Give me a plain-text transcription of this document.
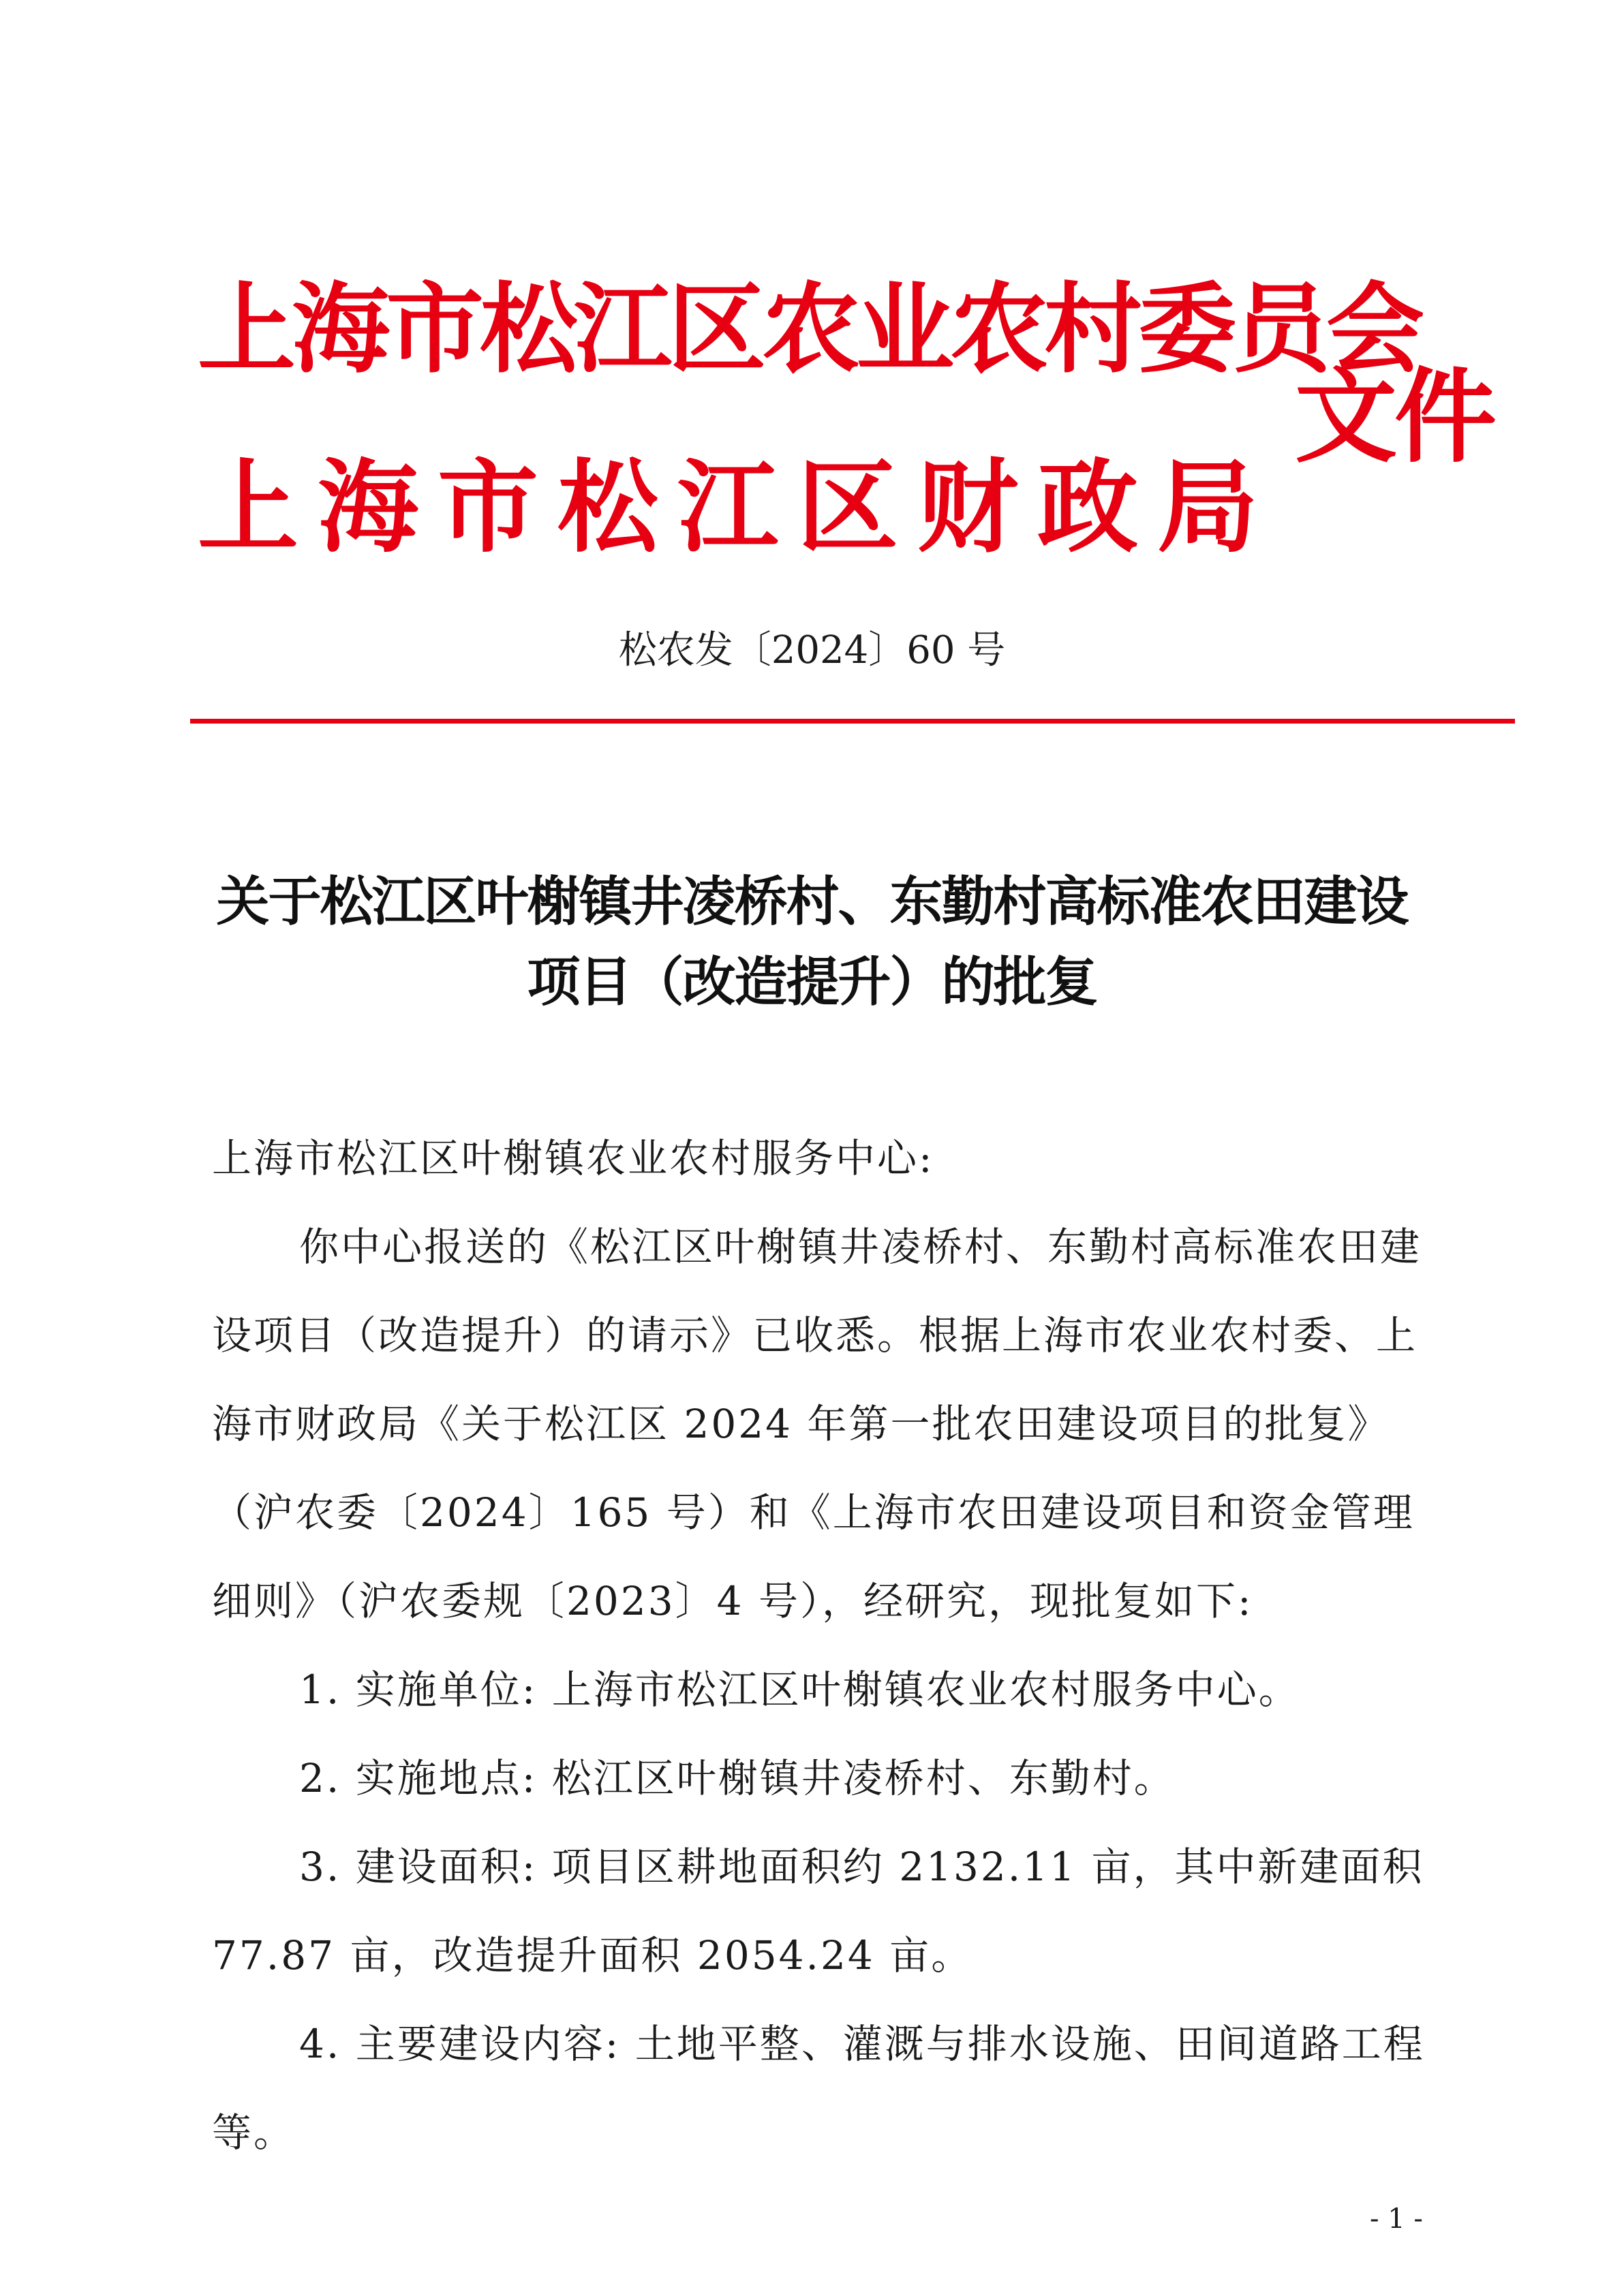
上海市松江区农业农村委员会
上海市松江区财政局
文件
松农发〔2024〕60 号
关于松江区叶榭镇井凌桥村、东勤村高标准农田建设
项目（改造提升）的批复

上海市松江区叶榭镇农业农村服务中心:

你中心报送的《松江区叶榭镇井凌桥村、东勤村高标准农田建设项目（改造提升）的请示》已收悉。根据上海市农业农村委、上海市财政局《关于松江区 2024 年第一批农田建设项目的批复》（沪农委〔2024〕165 号）和《上海市农田建设项目和资金管理细则》（沪农委规〔2023〕4 号），经研究，现批复如下:

1. 实施单位: 上海市松江区叶榭镇农业农村服务中心。

2. 实施地点: 松江区叶榭镇井凌桥村、东勤村。

3. 建设面积: 项目区耕地面积约 2132.11 亩，其中新建面积 77.87 亩，改造提升面积 2054.24 亩。

4. 主要建设内容: 土地平整、灌溉与排水设施、田间道路工程等。

- 1 -
